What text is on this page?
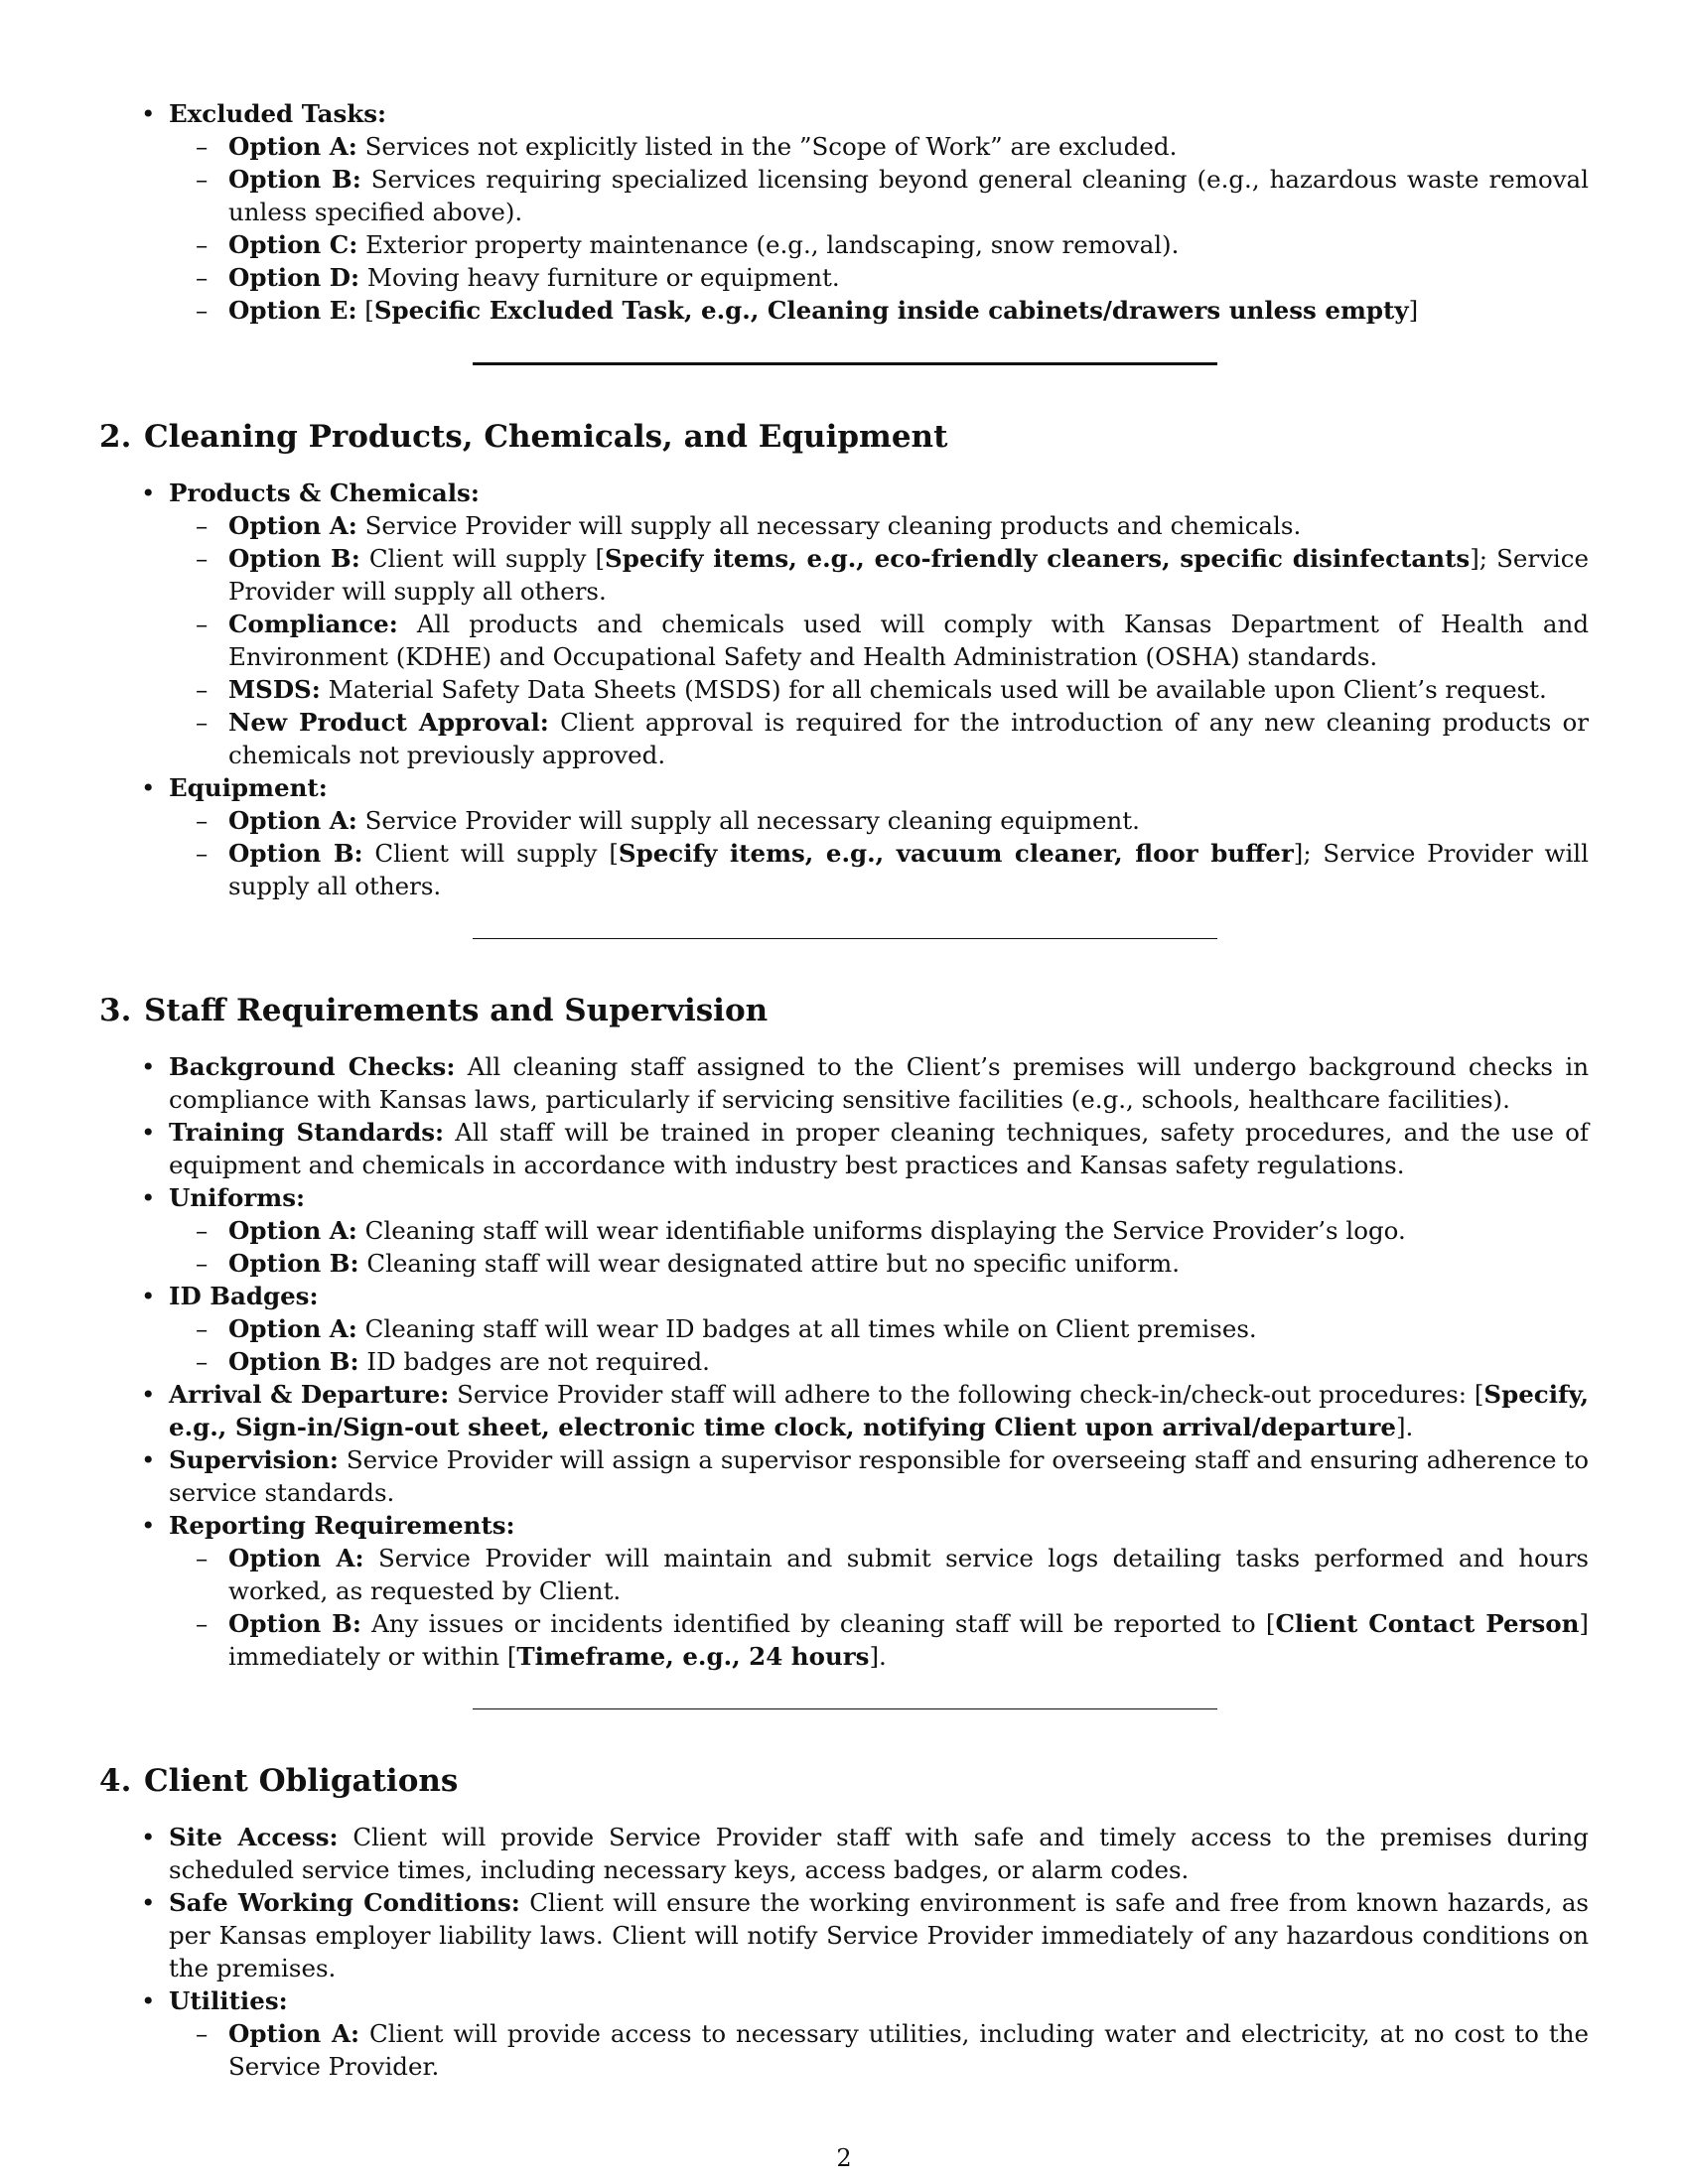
• Excluded Tasks:
– Option A: Services not explicitly listed in the ”Scope of Work” are excluded.
– Option B: Services requiring specialized licensing beyond general cleaning (e.g., hazardous waste removal unless specified above).
– Option C: Exterior property maintenance (e.g., landscaping, snow removal).
– Option D: Moving heavy furniture or equipment.
– Option E: [Specific Excluded Task, e.g., Cleaning inside cabinets/drawers unless empty]
2. Cleaning Products, Chemicals, and Equipment
• Products & Chemicals:
– Option A: Service Provider will supply all necessary cleaning products and chemicals.
– Option B: Client will supply [Specify items, e.g., eco-friendly cleaners, specific disinfectants]; Service Provider will supply all others.
– Compliance: All products and chemicals used will comply with Kansas Department of Health and Environment (KDHE) and Occupational Safety and Health Administration (OSHA) standards.
– MSDS: Material Safety Data Sheets (MSDS) for all chemicals used will be available upon Client’s request.
– New Product Approval: Client approval is required for the introduction of any new cleaning products or chemicals not previously approved.
• Equipment:
– Option A: Service Provider will supply all necessary cleaning equipment.
– Option B: Client will supply [Specify items, e.g., vacuum cleaner, floor buffer]; Service Provider will supply all others.
3. Staff Requirements and Supervision
• Background Checks: All cleaning staff assigned to the Client’s premises will undergo background checks in compliance with Kansas laws, particularly if servicing sensitive facilities (e.g., schools, healthcare facilities).
• Training Standards: All staff will be trained in proper cleaning techniques, safety procedures, and the use of equipment and chemicals in accordance with industry best practices and Kansas safety regulations.
• Uniforms:
– Option A: Cleaning staff will wear identifiable uniforms displaying the Service Provider’s logo.
– Option B: Cleaning staff will wear designated attire but no specific uniform.
• ID Badges:
– Option A: Cleaning staff will wear ID badges at all times while on Client premises.
– Option B: ID badges are not required.
• Arrival & Departure: Service Provider staff will adhere to the following check-in/check-out procedures: [Specify, e.g., Sign-in/Sign-out sheet, electronic time clock, notifying Client upon arrival/departure].
• Supervision: Service Provider will assign a supervisor responsible for overseeing staff and ensuring adherence to service standards.
• Reporting Requirements:
– Option A: Service Provider will maintain and submit service logs detailing tasks performed and hours worked, as requested by Client.
– Option B: Any issues or incidents identified by cleaning staff will be reported to [Client Contact Person] immediately or within [Timeframe, e.g., 24 hours].
4. Client Obligations
• Site Access: Client will provide Service Provider staff with safe and timely access to the premises during scheduled service times, including necessary keys, access badges, or alarm codes.
• Safe Working Conditions: Client will ensure the working environment is safe and free from known hazards, as per Kansas employer liability laws. Client will notify Service Provider immediately of any hazardous conditions on the premises.
• Utilities:
– Option A: Client will provide access to necessary utilities, including water and electricity, at no cost to the Service Provider.
2
